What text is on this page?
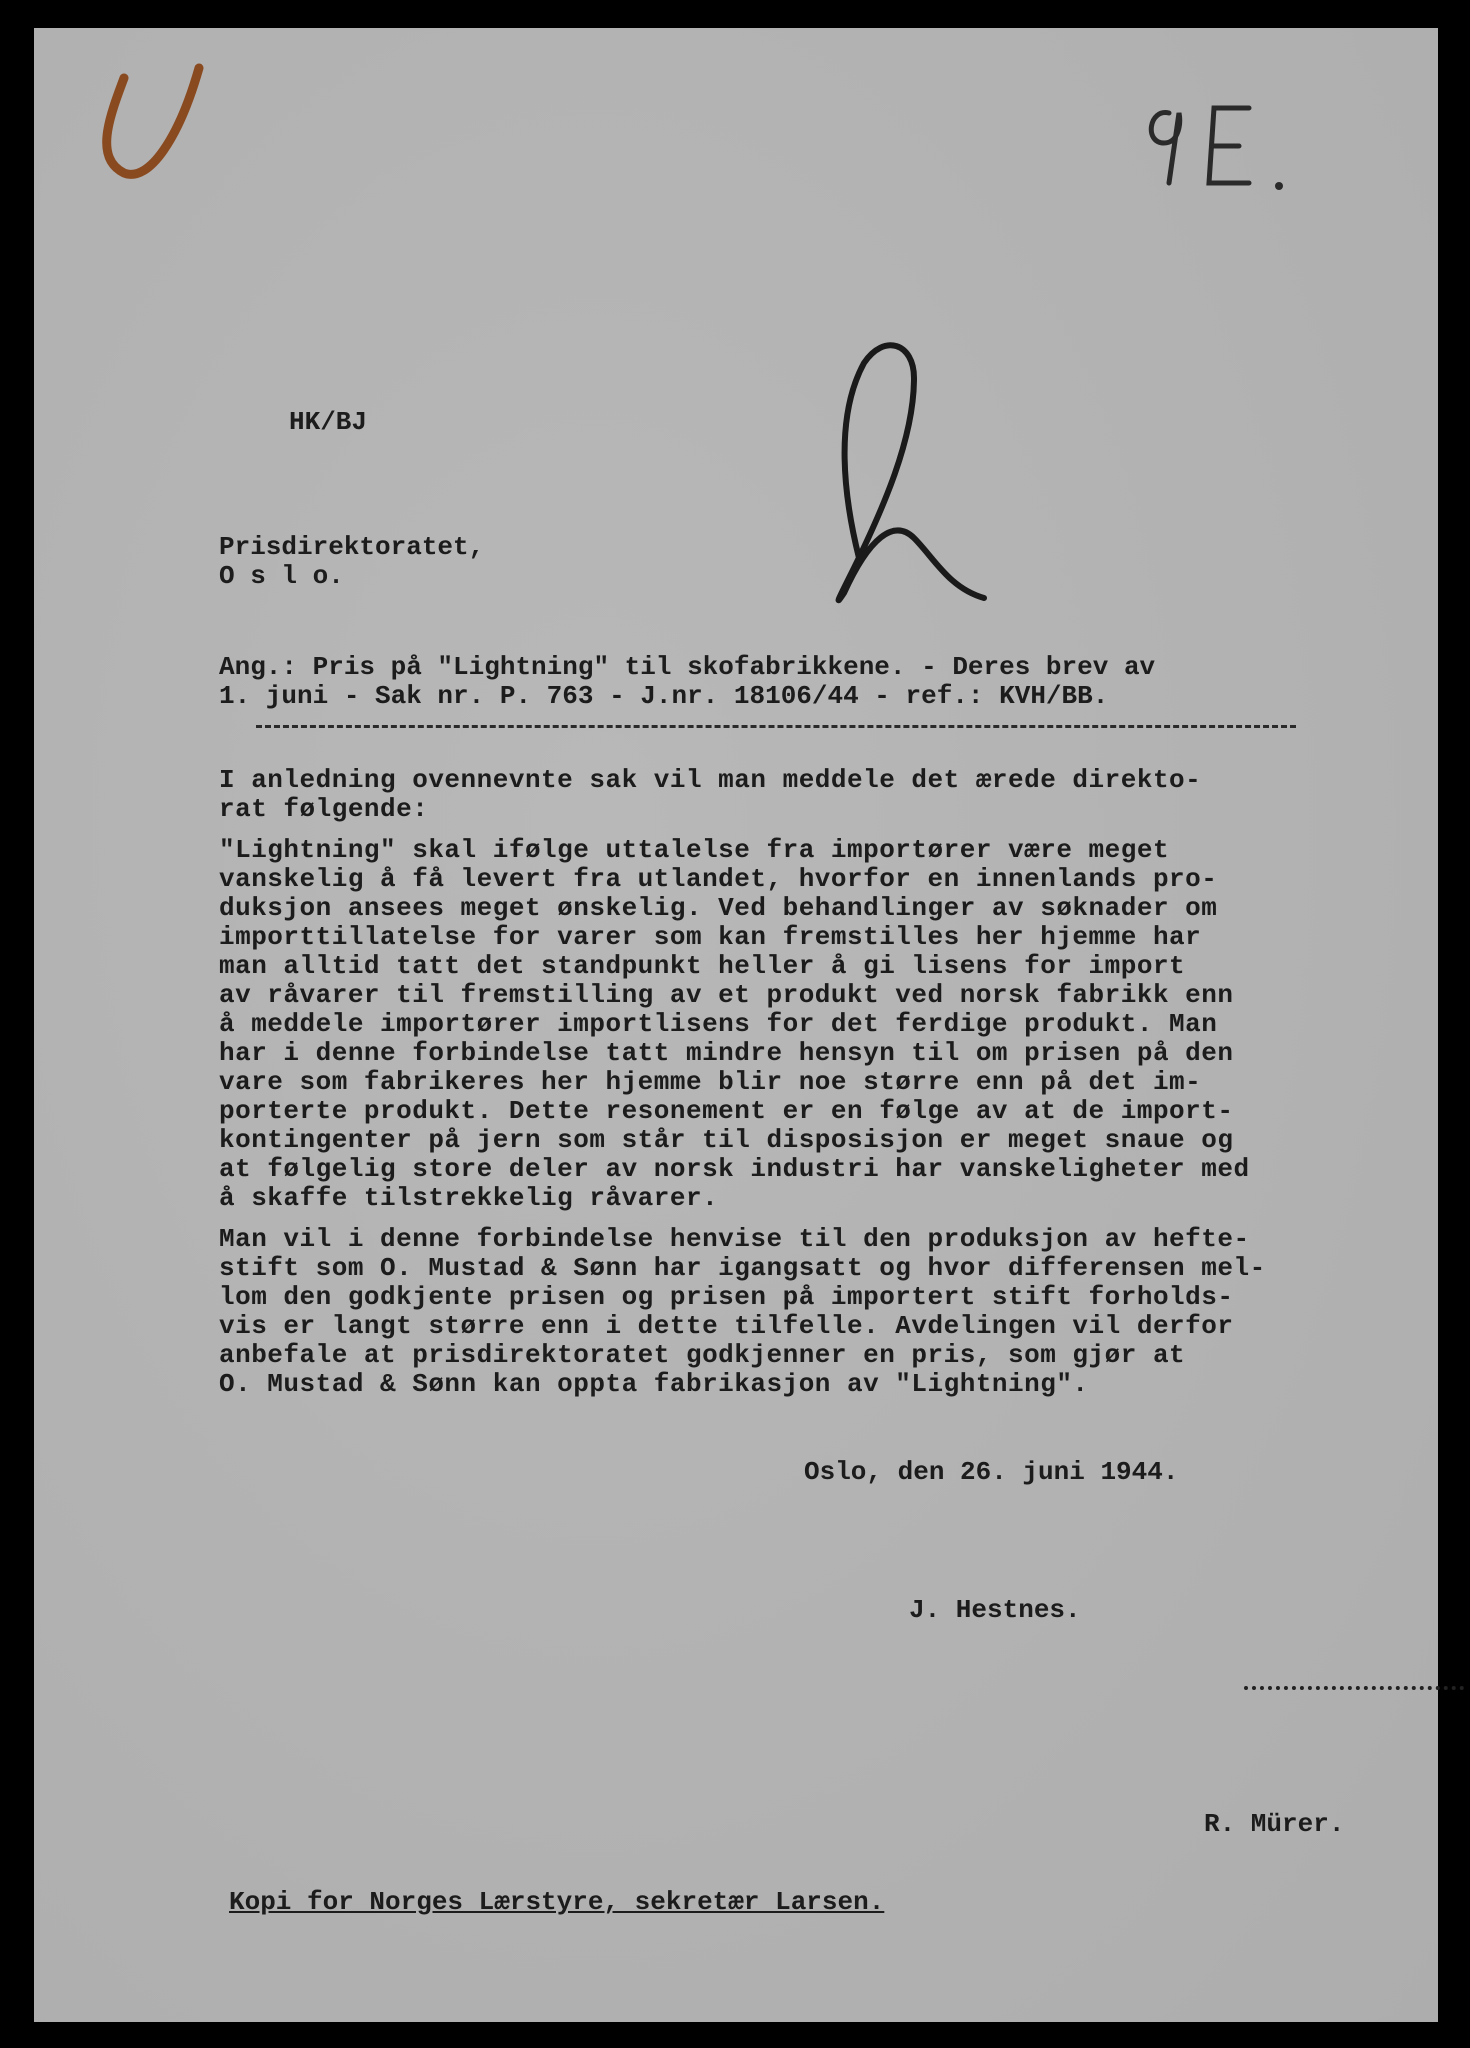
HK/BJ
Prisdirektoratet,
O s l o.
Ang.: Pris på "Lightning" til skofabrikkene. - Deres brev av
1. juni - Sak nr. P. 763 - J.nr. 18106/44 - ref.: KVH/BB.
I anledning ovennevnte sak vil man meddele det ærede direkto-
rat følgende:
"Lightning" skal ifølge uttalelse fra importører være meget
vanskelig å få levert fra utlandet, hvorfor en innenlands pro-
duksjon ansees meget ønskelig. Ved behandlinger av søknader om
importtillatelse for varer som kan fremstilles her hjemme har
man alltid tatt det standpunkt heller å gi lisens for import
av råvarer til fremstilling av et produkt ved norsk fabrikk enn
å meddele importører importlisens for det ferdige produkt. Man
har i denne forbindelse tatt mindre hensyn til om prisen på den
vare som fabrikeres her hjemme blir noe større enn på det im-
porterte produkt. Dette resonement er en følge av at de import-
kontingenter på jern som står til disposisjon er meget snaue og
at følgelig store deler av norsk industri har vanskeligheter med
å skaffe tilstrekkelig råvarer.
Man vil i denne forbindelse henvise til den produksjon av hefte-
stift som O. Mustad & Sønn har igangsatt og hvor differensen mel-
lom den godkjente prisen og prisen på importert stift forholds-
vis er langt større enn i dette tilfelle. Avdelingen vil derfor
anbefale at prisdirektoratet godkjenner en pris, som gjør at
O. Mustad & Sønn kan oppta fabrikasjon av "Lightning".
Oslo, den 26. juni 1944.
J. Hestnes.
R. Mürer.
Kopi for Norges Lærstyre, sekretær Larsen.
